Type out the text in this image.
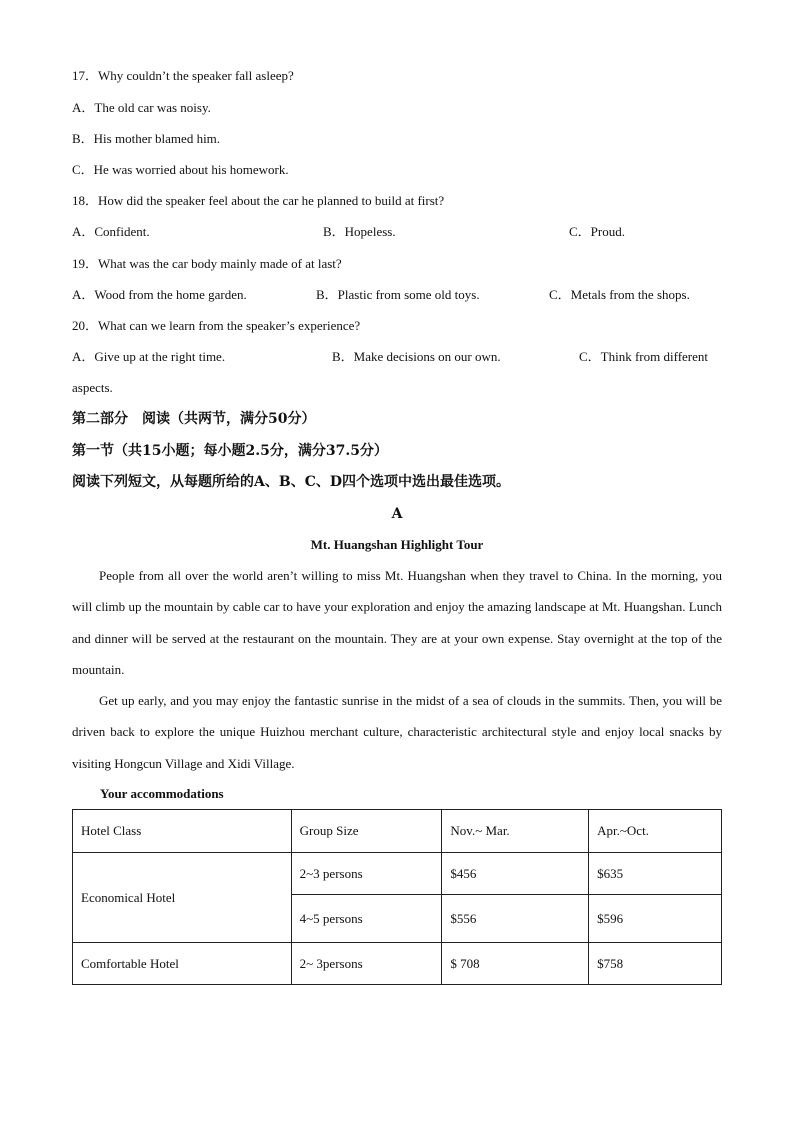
17．Why couldn’t the speaker fall asleep?
A．The old car was noisy.
B．His mother blamed him.
C．He was worried about his homework.
18．How did the speaker feel about the car he planned to build at first?
A．Confident.	B．Hopeless.	C．Proud.
19．What was the car body mainly made of at last?
A．Wood from the home garden.	B．Plastic from some old toys.	C．Metals from the shops.
20．What can we learn from the speaker’s experience?
A．Give up at the right time.	B．Make decisions on our own.	C．Think from different
aspects.
第二部分　阅读（共两节，满分50分）
第一节（共15小题；每小题2.5分，满分37.5分）
阅读下列短文，从每题所给的A、B、C、D四个选项中选出最佳选项。
A
Mt. Huangshan Highlight Tour
People from all over the world aren’t willing to miss Mt. Huangshan when they travel to China. In the morning, you will climb up the mountain by cable car to have your exploration and enjoy the amazing landscape at Mt. Huangshan. Lunch and dinner will be served at the restaurant on the mountain. They are at your own expense. Stay overnight at the top of the mountain.
Get up early, and you may enjoy the fantastic sunrise in the midst of a sea of clouds in the summits. Then, you will be driven back to explore the unique Huizhou merchant culture, characteristic architectural style and enjoy local snacks by visiting Hongcun Village and Xidi Village.
Your accommodations
Hotel Class	Group Size	Nov.~ Mar.	Apr.~Oct.
Economical Hotel	2~3 persons	$456	$635
	4~5 persons	$556	$596
Comfortable Hotel	2~ 3persons	$ 708	$758
